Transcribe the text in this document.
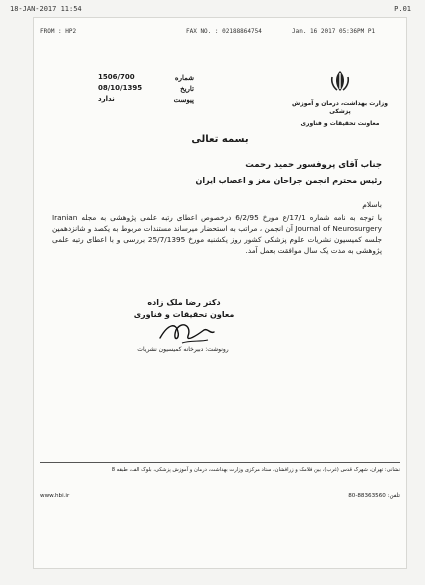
18-JAN-2017 11:54	P.01
FROM : HP2	FAX NO. : 02188864754	Jan. 16 2017 05:36PM P1
1506/700	شماره
08/10/1395	تاریخ
ندارد	پیوست	وزارت بهداشت، درمان و آموزش پزشکی
معاونت تحقیقات و فناوری
بسمه تعالی
جناب آقای پروفسور حمید رحمت
رئیس محترم انجمن جراحان مغز و اعصاب ایران
باسلام
با توجه به نامه شماره 17/1/ع مورخ 6/2/95 درخصوص اعطای رتبه علمی پژوهشی به مجله Iranian Journal of Neurosurgery آن انجمن ، مراتب به استحضار میرساند مستندات مربوط به یکصد و شانزدهمین جلسه کمیسیون نشریات علوم پزشکی کشور روز یکشنبه مورخ 25/7/1395 بررسی و با اعطای رتبه علمی پژوهشی به مدت یک سال موافقت بعمل آمد.
دکتر رضا ملک زاده
معاون تحقیقات و فناوری
رونوشت: دبیرخانه کمیسیون نشریات
نشانی: تهران، شهرک قدس (غرب)، بین فلامک و زرافشان، ستاد مرکزی وزارت بهداشت، درمان و آموزش پزشکی، بلوک الف، طبقه 8
www.hbi.ir	تلفن: 88363560-80
